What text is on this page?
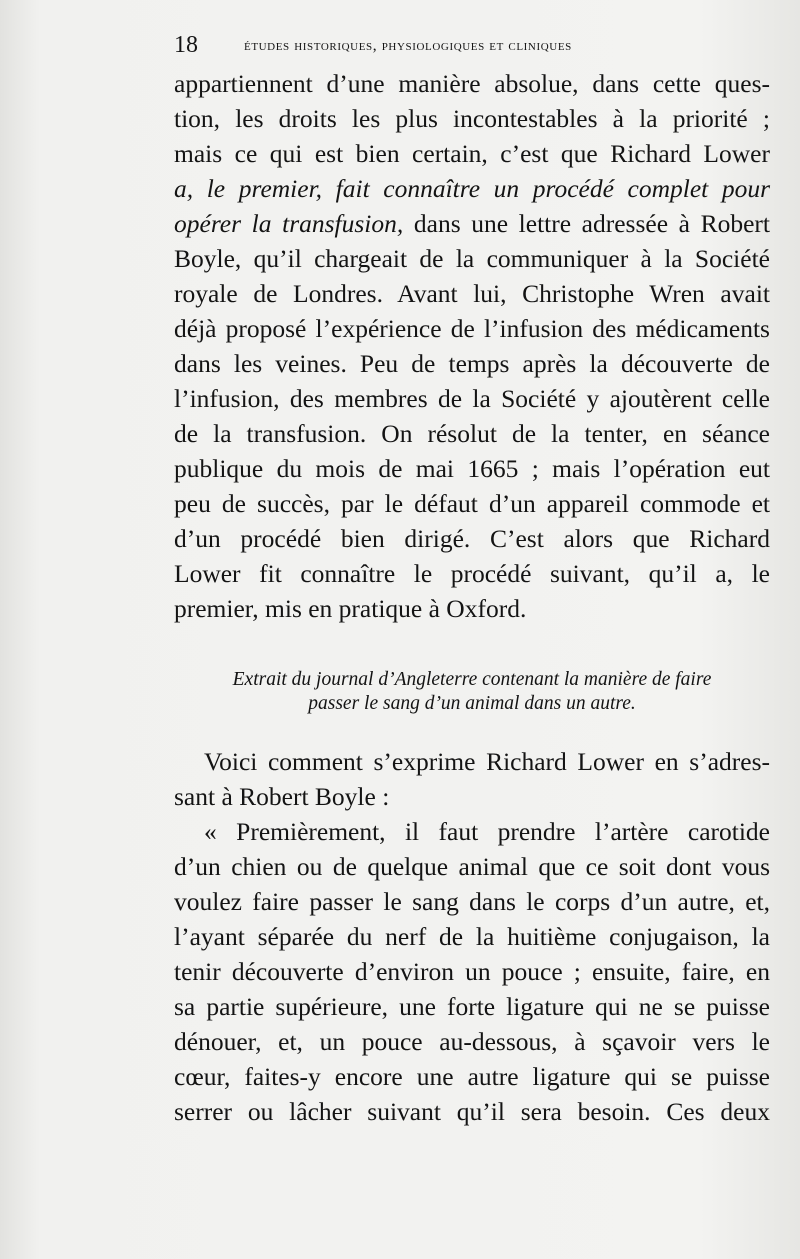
18	études historiques, physiologiques et cliniques
appartiennent d’une manière absolue, dans cette ques-
tion, les droits les plus incontestables à la priorité ;
mais ce qui est bien certain, c’est que Richard Lower
a, le premier, fait connaître un procédé complet pour
opérer la transfusion, dans une lettre adressée à Robert
Boyle, qu’il chargeait de la communiquer à la Société
royale de Londres. Avant lui, Christophe Wren avait
déjà proposé l’expérience de l’infusion des médicaments
dans les veines. Peu de temps après la découverte de
l’infusion, des membres de la Société y ajoutèrent celle
de la transfusion. On résolut de la tenter, en séance
publique du mois de mai 1665 ; mais l’opération eut
peu de succès, par le défaut d’un appareil commode et
d’un procédé bien dirigé. C’est alors que Richard
Lower fit connaître le procédé suivant, qu’il a, le
premier, mis en pratique à Oxford.
Extrait du journal d’Angleterre contenant la manière de faire
passer le sang d’un animal dans un autre.
Voici comment s’exprime Richard Lower en s’adres-
sant à Robert Boyle :
« Premièrement, il faut prendre l’artère carotide
d’un chien ou de quelque animal que ce soit dont vous
voulez faire passer le sang dans le corps d’un autre, et,
l’ayant séparée du nerf de la huitième conjugaison, la
tenir découverte d’environ un pouce ; ensuite, faire, en
sa partie supérieure, une forte ligature qui ne se puisse
dénouer, et, un pouce au-dessous, à sçavoir vers le
cœur, faites-y encore une autre ligature qui se puisse
serrer ou lâcher suivant qu’il sera besoin. Ces deux
